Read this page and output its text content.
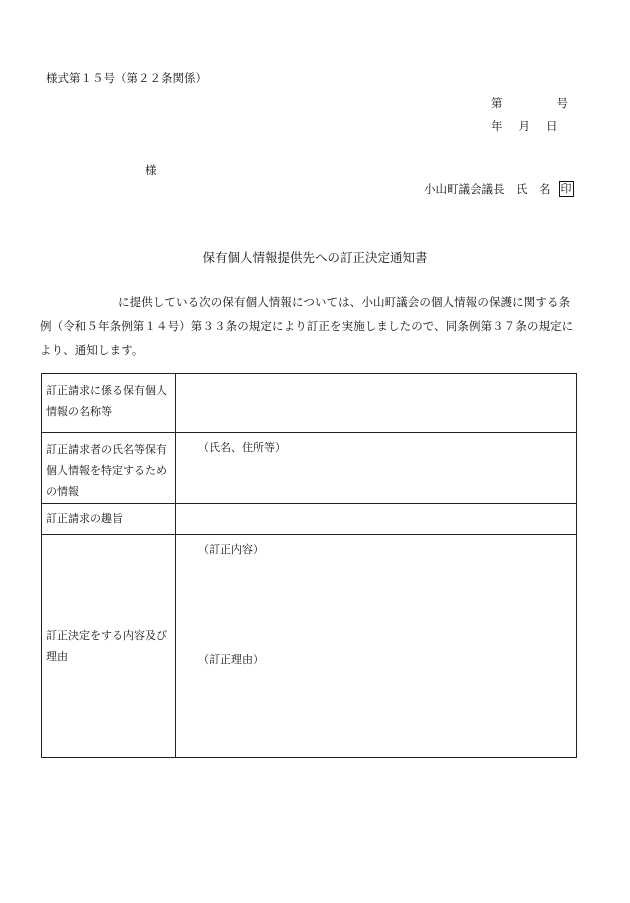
様式第１５号（第２２条関係）
第	号
年 月 日
様
小山町議会議長　氏　名 印
保有個人情報提供先への訂正決定通知書
に提供している次の保有個人情報については、小山町議会の個人情報の保護に関する条例（令和５年条例第１４号）第３３条の規定により訂正を実施しましたので、同条例第３７条の規定により、通知します。
訂正請求に係る保有個人情報の名称等	
訂正請求者の氏名等保有個人情報を特定するための情報	（氏名、住所等）
訂正請求の趣旨	
訂正決定をする内容及び理由	（訂正内容）
（訂正理由）
